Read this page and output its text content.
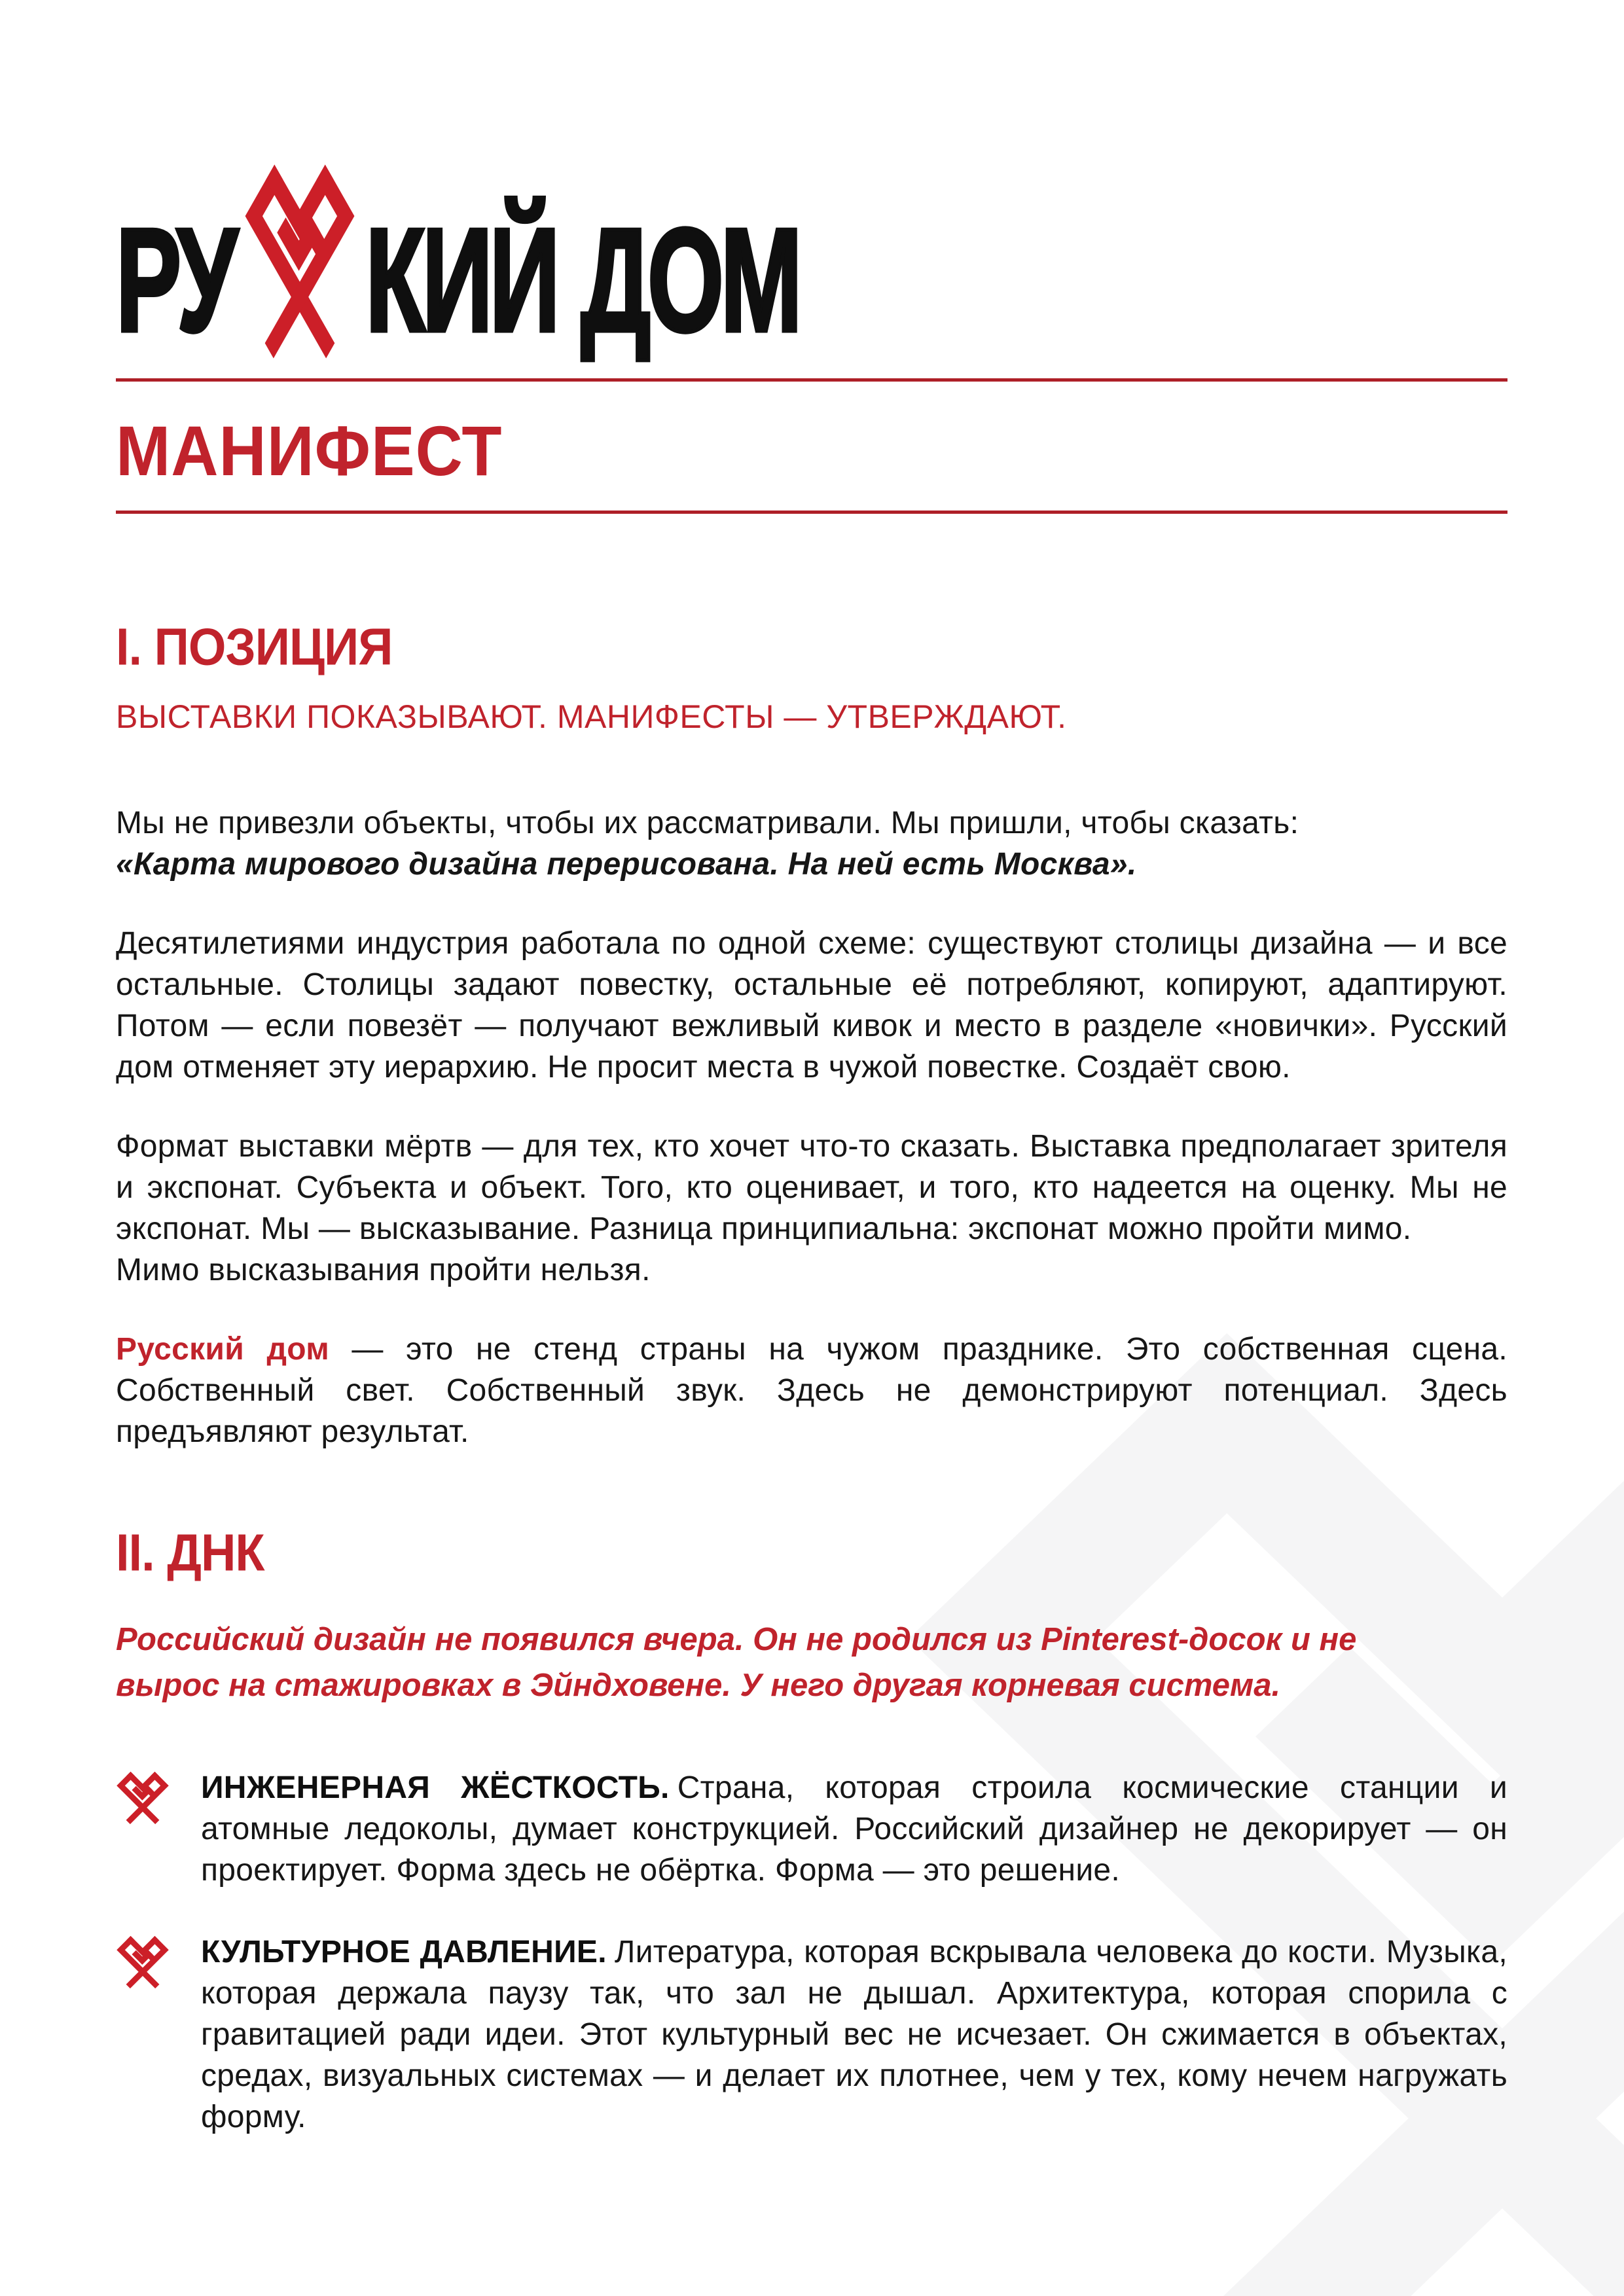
РУ КИЙ ДОМ
МАНИФЕСТ
I. ПОЗИЦИЯ

ВЫСТАВКИ ПОКАЗЫВАЮТ. МАНИФЕСТЫ — УТВЕРЖДАЮТ.

Мы не привезли объекты, чтобы их рассматривали. Мы пришли, чтобы сказать:
«Карта мирового дизайна перерисована. На ней есть Москва».

Десятилетиями индустрия работала по одной схеме: существуют столицы дизайна — и все остальные. Столицы задают повестку, остальные её потребляют, копируют, адаптируют. Потом — если повезёт — получают вежливый кивок и место в разделе «новички». Русский дом отменяет эту иерархию. Не просит места в чужой повестке. Создаёт свою.

Формат выставки мёртв — для тех, кто хочет что-то сказать. Выставка предполагает зрителя и экспонат. Субъекта и объект. Того, кто оценивает, и того, кто надеется на оценку. Мы не экспонат. Мы — высказывание. Разница принципиальна: экспонат можно пройти мимо.
Мимо высказывания пройти нельзя.

Русский дом — это не стенд страны на чужом празднике. Это собственная сцена. Собственный свет. Собственный звук. Здесь не демонстрируют потенциал. Здесь предъявляют результат.

II. ДНК

Российский дизайн не появился вчера. Он не родился из Pinterest-досок и не вырос на стажировках в Эйндховене. У него другая корневая система.

ИНЖЕНЕРНАЯ ЖЁСТКОСТЬ. Страна, которая строила космические станции и атомные ледоколы, думает конструкцией. Российский дизайнер не декорирует — он проектирует. Форма здесь не обёртка. Форма — это решение.

КУЛЬТУРНОЕ ДАВЛЕНИЕ. Литература, которая вскрывала человека до кости. Музыка, которая держала паузу так, что зал не дышал. Архитектура, которая спорила с гравитацией ради идеи. Этот культурный вес не исчезает. Он сжимается в объектах, средах, визуальных системах — и делает их плотнее, чем у тех, кому нечем нагружать форму.
